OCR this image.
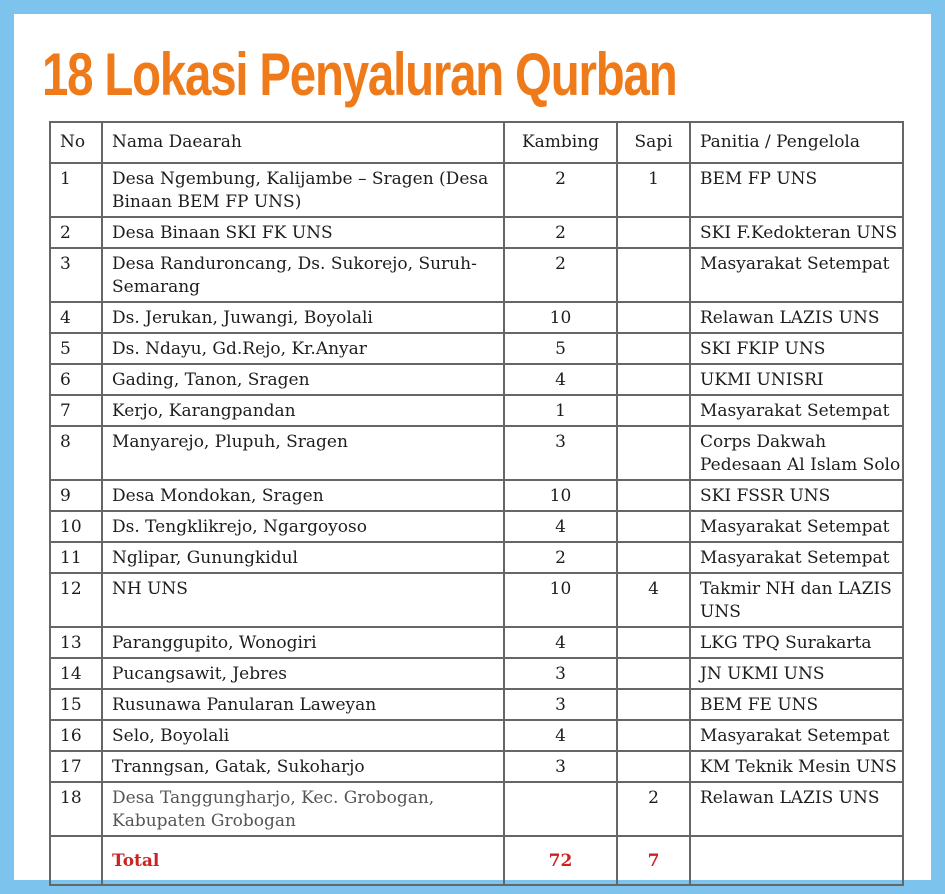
18 Lokasi Penyaluran Qurban
No	Nama Daearah	Kambing	Sapi	Panitia / Pengelola
1	Desa Ngembung, Kalijambe – Sragen (Desa Binaan BEM FP UNS)	2	1	BEM FP UNS
2	Desa Binaan SKI FK UNS	2		SKI F.Kedokteran UNS
3	Desa Randuroncang, Ds. Sukorejo, Suruh-Semarang	2		Masyarakat Setempat
4	Ds. Jerukan, Juwangi, Boyolali	10		Relawan LAZIS UNS
5	Ds. Ndayu, Gd.Rejo, Kr.Anyar	5		SKI FKIP UNS
6	Gading, Tanon, Sragen	4		UKMI UNISRI
7	Kerjo, Karangpandan	1		Masyarakat Setempat
8	Manyarejo, Plupuh, Sragen	3		Corps Dakwah
Pedesaan Al Islam Solo
9	Desa Mondokan, Sragen	10		SKI FSSR UNS
10	Ds. Tengklikrejo, Ngargoyoso	4		Masyarakat Setempat
11	Nglipar, Gunungkidul	2		Masyarakat Setempat
12	NH UNS	10	4	Takmir NH dan LAZIS UNS
13	Paranggupito, Wonogiri	4		LKG TPQ Surakarta
14	Pucangsawit, Jebres	3		JN UKMI UNS
15	Rusunawa Panularan Laweyan	3		BEM FE UNS
16	Selo, Boyolali	4		Masyarakat Setempat
17	Tranngsan, Gatak, Sukoharjo	3		KM Teknik Mesin UNS
18	Desa Tanggungharjo, Kec. Grobogan, Kabupaten Grobogan		2	Relawan LAZIS UNS
	Total	72	7	
